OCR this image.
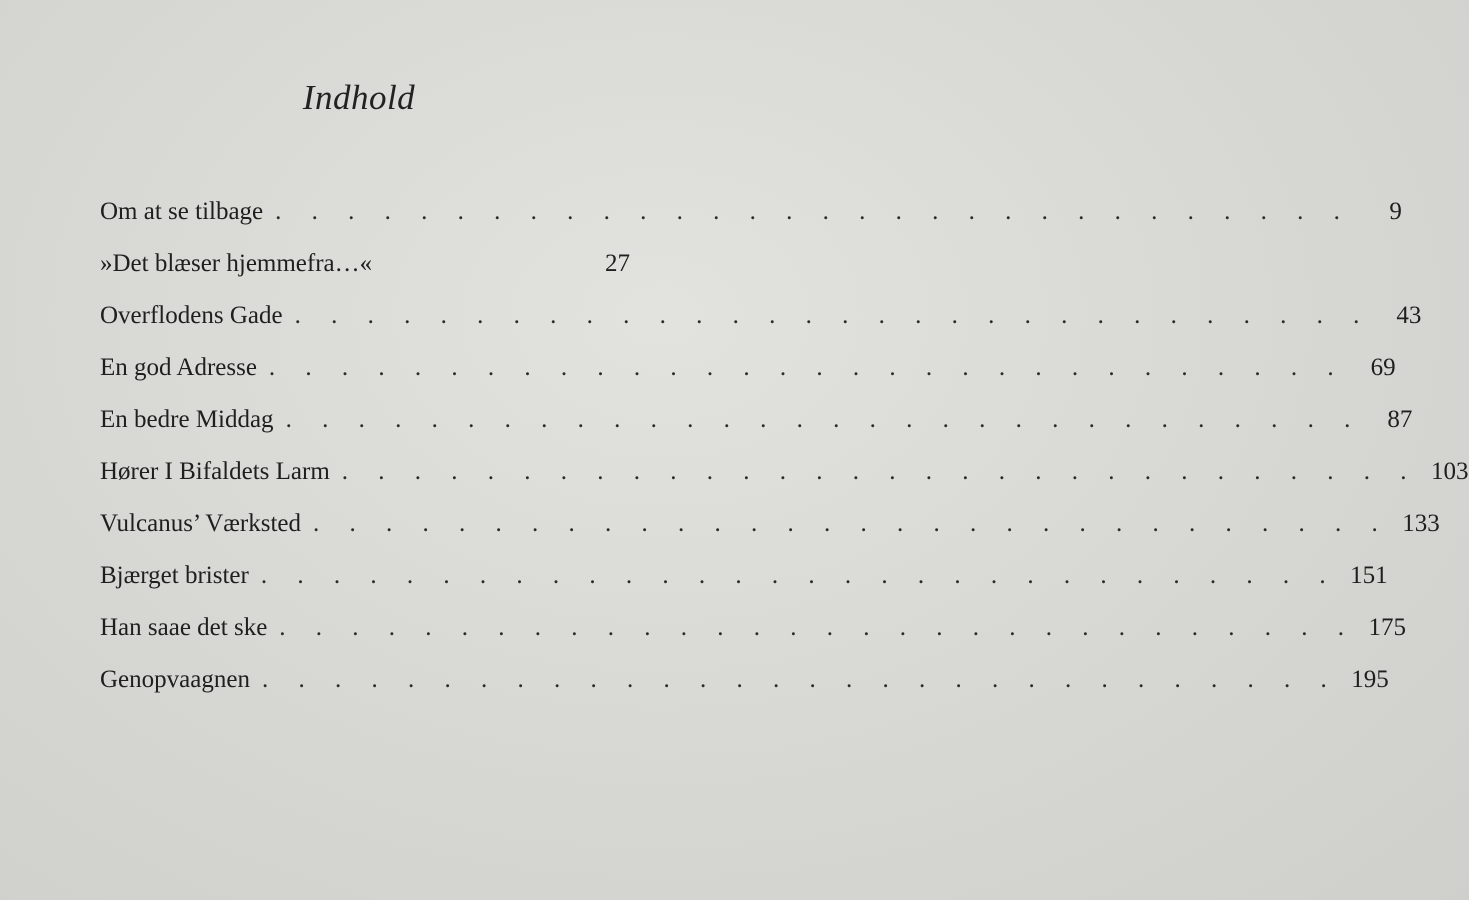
Indhold
Om at se tilbage . . . . . . . . . . . . . . . . . . . . . . . . . . . . . .	9
»Det blæser hjemmefra…«	27
Overflodens Gade . . . . . . . . . . . . . . . . . . . . . . . . . . . . . .	43
En god Adresse . . . . . . . . . . . . . . . . . . . . . . . . . . . . . .	69
En bedre Middag . . . . . . . . . . . . . . . . . . . . . . . . . . . . . .	87
Hører I Bifaldets Larm . . . . . . . . . . . . . . . . . . . . . . . . . . . . . . 103
Vulcanus’ Værksted . . . . . . . . . . . . . . . . . . . . . . . . . . . . . . 133
Bjærget brister . . . . . . . . . . . . . . . . . . . . . . . . . . . . . . 151
Han saae det ske . . . . . . . . . . . . . . . . . . . . . . . . . . . . . . 175
Genopvaagnen . . . . . . . . . . . . . . . . . . . . . . . . . . . . . . 195
